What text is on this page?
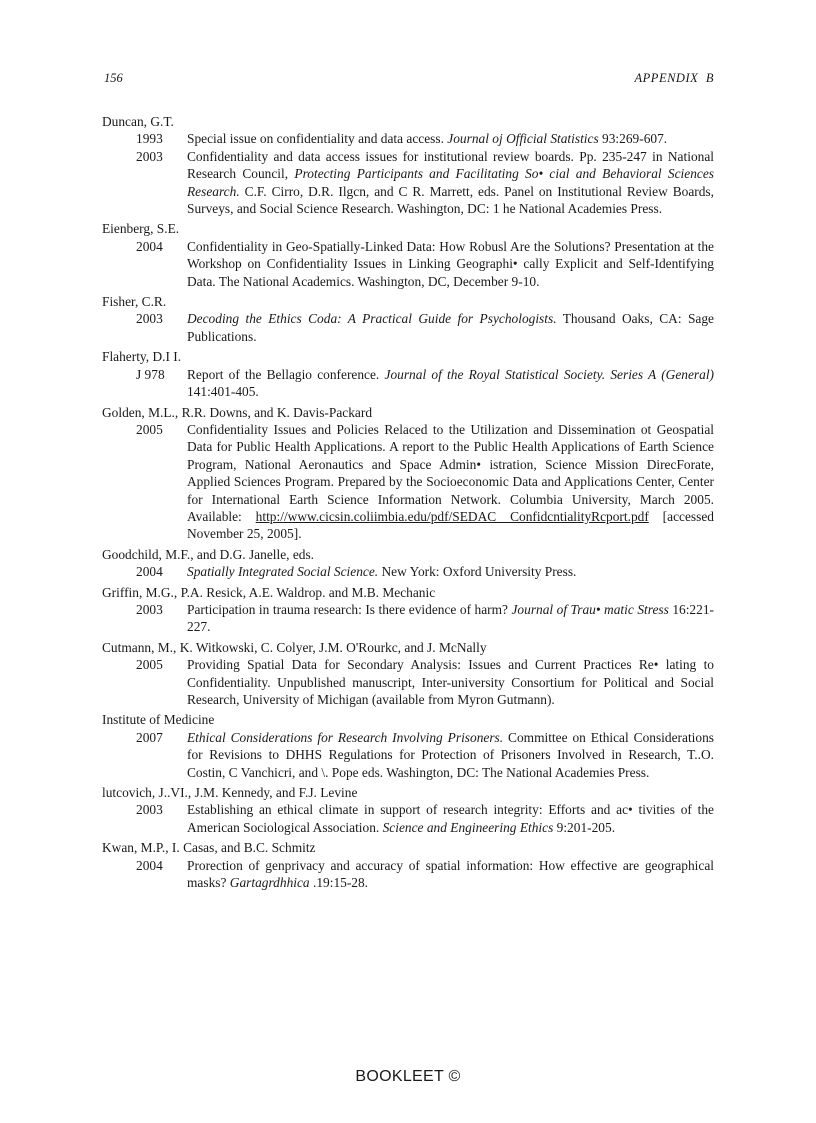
156	APPENDIX B
Duncan, G.T.
1993 Special issue on confidentiality and data access. Journal oj Official Statistics 93:269-607.
2003 Confidentiality and data access issues for institutional review boards. Pp. 235-247 in National Research Council, Protecting Participants and Facilitating So• cial and Behavioral Sciences Research. C.F. Cirro, D.R. Ilgcn, and C R. Marrett, eds. Panel on Institutional Review Boards, Surveys, and Social Science Research. Washington, DC: 1 he National Academies Press.
Eienberg, S.E.
2004 Confidentiality in Geo-Spatially-Linked Data: How Robusl Are the Solutions? Presentation at the Workshop on Confidentiality Issues in Linking Geographi• cally Explicit and Self-Identifying Data. The National Academics. Washington, DC, December 9-10.
Fisher, C.R.
2003 Decoding the Ethics Coda: A Practical Guide for Psychologists. Thousand Oaks, CA: Sage Publications.
Flaherty, D.I I.
J 978 Report of the Bellagio conference. Journal of the Royal Statistical Society. Series A (General) 141:401-405.
Golden, M.L., R.R. Downs, and K. Davis-Packard
2005 Confidentiality Issues and Policies Relaced to the Utilization and Dissemination ot Geospatial Data for Public Health Applications. A report to the Public Health Applications of Earth Science Program, National Aeronautics and Space Admin• istration, Science Mission DirecForate, Applied Sciences Program. Prepared by the Socioeconomic Data and Applications Center, Center for International Earth Science Information Network. Columbia University, March 2005. Available: http://www.cicsin.coliimbia.edu/pdf/SEDAC ConfidcntialityRcport.pdf [accessed November 25, 2005].
Goodchild, M.F., and D.G. Janelle, eds.
2004 Spatially Integrated Social Science. New York: Oxford University Press.
Griffin, M.G., P.A. Resick, A.E. Waldrop. and M.B. Mechanic
2003 Participation in trauma research: Is there evidence of harm? Journal of Trau• matic Stress 16:221-227.
Cutmann, M., K. Witkowski, C. Colyer, J.M. O'Rourkc, and J. McNally
2005 Providing Spatial Data for Secondary Analysis: Issues and Current Practices Re• lating to Confidentiality. Unpublished manuscript, Inter-university Consortium for Political and Social Research, University of Michigan (available from Myron Gutmann).
Institute of Medicine
2007 Ethical Considerations for Research Involving Prisoners. Committee on Ethical Considerations for Revisions to DHHS Regulations for Protection of Prisoners Involved in Research, T..O. Costin, C Vanchicri, and \. Pope eds. Washington, DC: The National Academies Press.
lutcovich, J..VI., J.M. Kennedy, and F.J. Levine
2003 Establishing an ethical climate in support of research integrity: Efforts and ac• tivities of the American Sociological Association. Science and Engineering Ethics 9:201-205.
Kwan, M.P., I. Casas, and B.C. Schmitz
2004 Prorection of genprivacy and accuracy of spatial information: How effective are geographical masks? Gartagrdhhica .19:15-28.
BOOKLEET ©
